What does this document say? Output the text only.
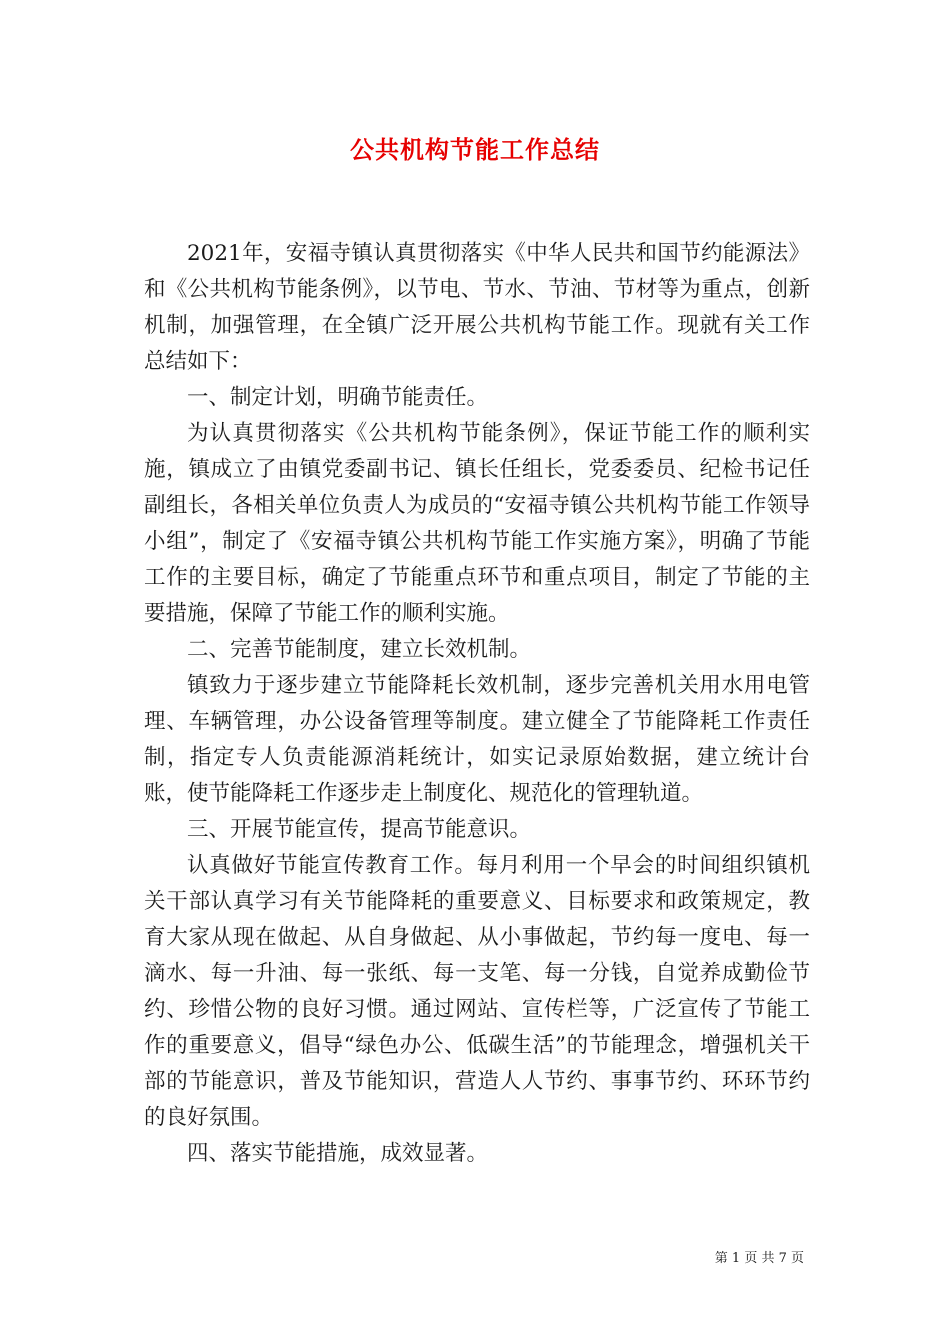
公共机构节能工作总结

2021年，安福寺镇认真贯彻落实《中华人民共和国节约能源法》和《公共机构节能条例》，以节电、节水、节油、节材等为重点，创新机制，加强管理，在全镇广泛开展公共机构节能工作。现就有关工作总结如下：

一、制定计划，明确节能责任。

为认真贯彻落实《公共机构节能条例》，保证节能工作的顺利实施，镇成立了由镇党委副书记、镇长任组长，党委委员、纪检书记任副组长，各相关单位负责人为成员的“安福寺镇公共机构节能工作领导小组”，制定了《安福寺镇公共机构节能工作实施方案》，明确了节能工作的主要目标，确定了节能重点环节和重点项目，制定了节能的主要措施，保障了节能工作的顺利实施。

二、完善节能制度，建立长效机制。

镇致力于逐步建立节能降耗长效机制，逐步完善机关用水用电管理、车辆管理，办公设备管理等制度。建立健全了节能降耗工作责任制，指定专人负责能源消耗统计，如实记录原始数据，建立统计台账，使节能降耗工作逐步走上制度化、规范化的管理轨道。

三、开展节能宣传，提高节能意识。

认真做好节能宣传教育工作。每月利用一个早会的时间组织镇机关干部认真学习有关节能降耗的重要意义、目标要求和政策规定，教育大家从现在做起、从自身做起、从小事做起，节约每一度电、每一滴水、每一升油、每一张纸、每一支笔、每一分钱，自觉养成勤俭节约、珍惜公物的良好习惯。通过网站、宣传栏等，广泛宣传了节能工作的重要意义，倡导“绿色办公、低碳生活”的节能理念，增强机关干部的节能意识，普及节能知识，营造人人节约、事事节约、环环节约的良好氛围。

四、落实节能措施，成效显著。

第 1 页 共 7 页
